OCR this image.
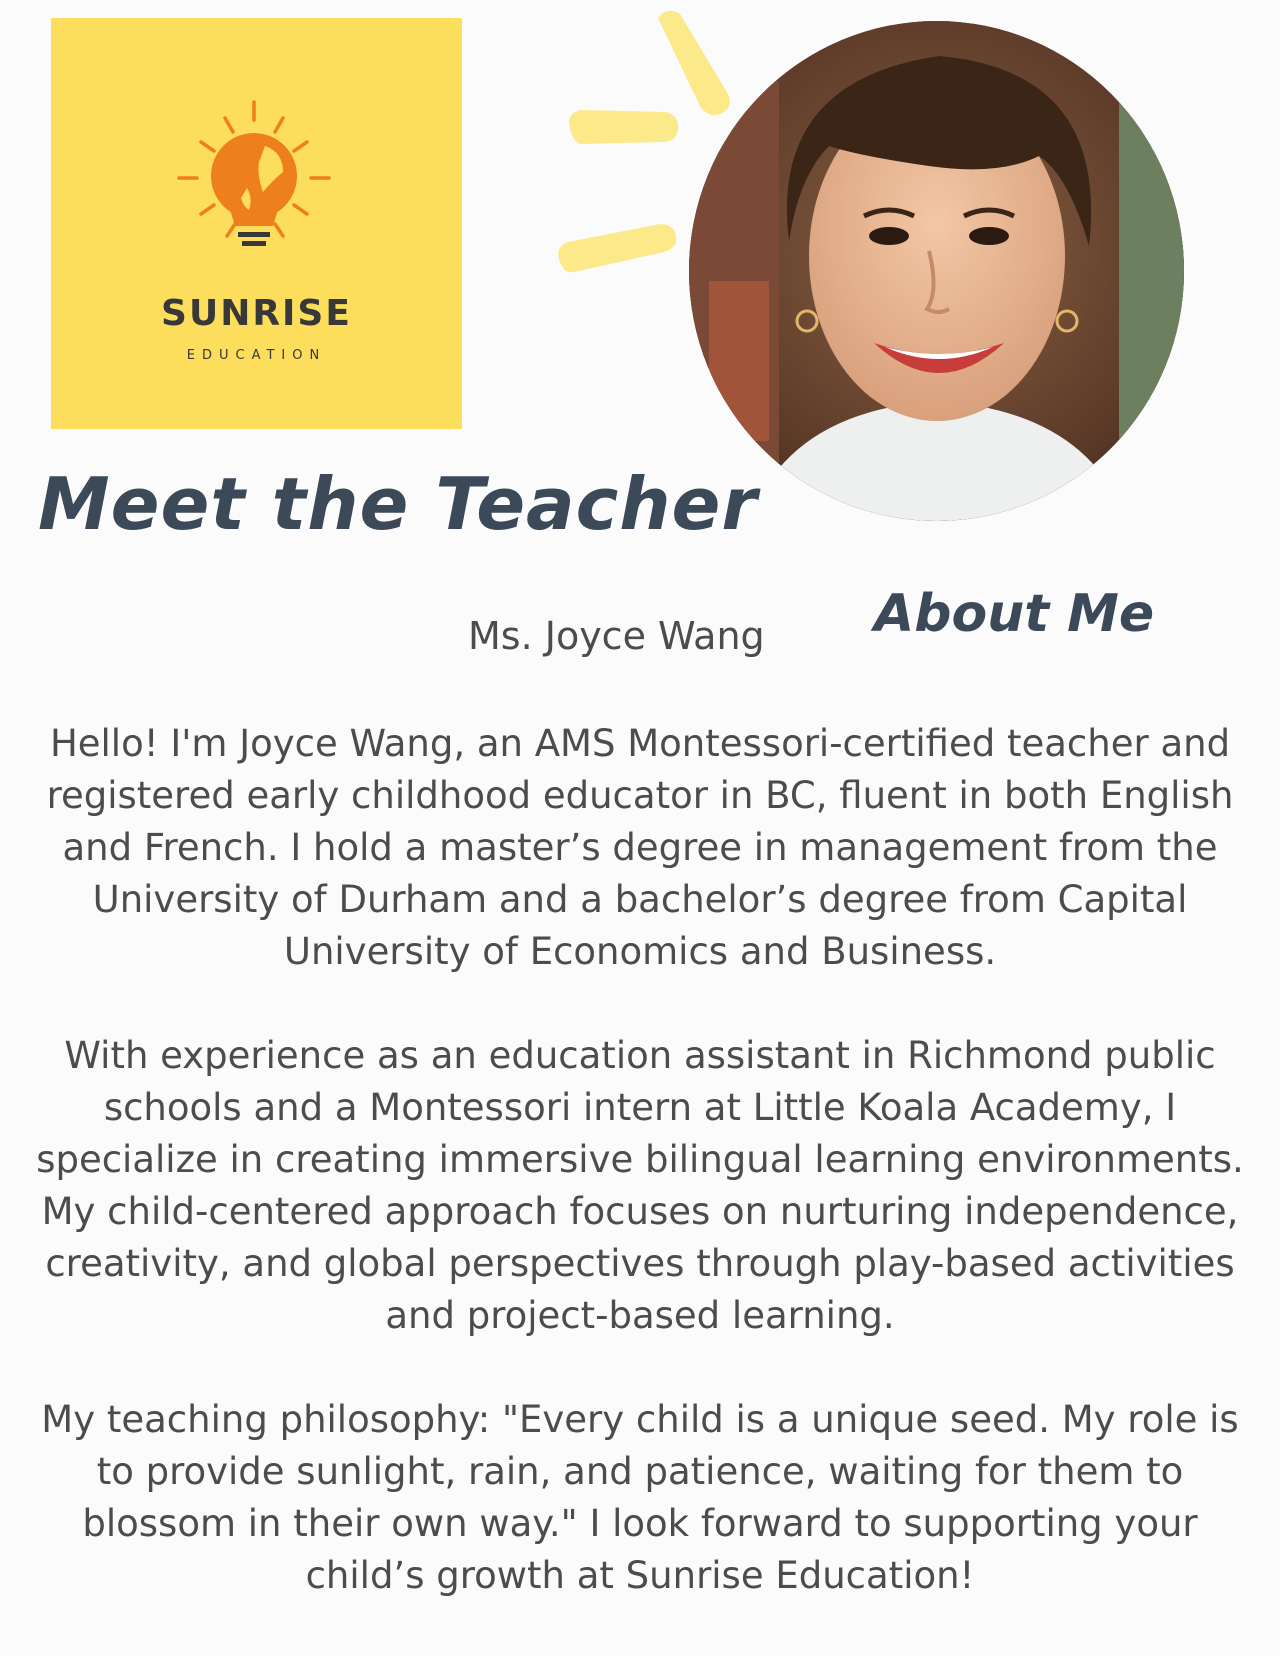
SUNRISE
EDUCATION
Meet the Teacher
About Me
Ms. Joyce Wang

Hello! I'm Joyce Wang, an AMS Montessori-certified teacher and registered early childhood educator in BC, fluent in both English and French. I hold a master’s degree in management from the University of Durham and a bachelor’s degree from Capital University of Economics and Business.

With experience as an education assistant in Richmond public schools and a Montessori intern at Little Koala Academy, I specialize in creating immersive bilingual learning environments. My child-centered approach focuses on nurturing independence, creativity, and global perspectives through play-based activities and project-based learning.

My teaching philosophy: "Every child is a unique seed. My role is to provide sunlight, rain, and patience, waiting for them to blossom in their own way." I look forward to supporting your child’s growth at Sunrise Education!
